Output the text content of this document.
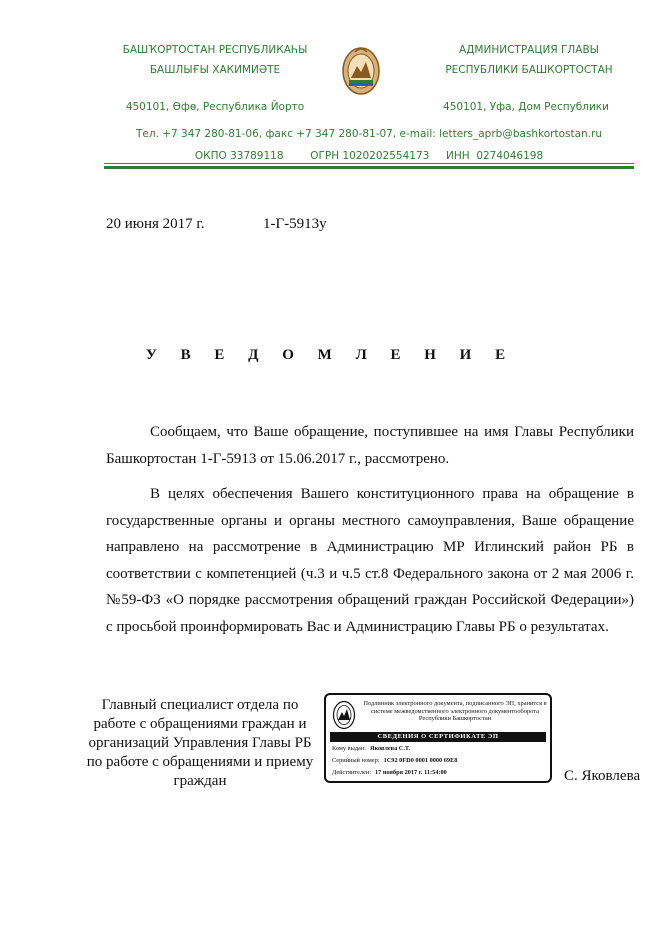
БАШҠОРТОСТАН РЕСПУБЛИКАҺЫ
БАШЛЫҒЫ ХАКИМИӘТЕ
450101, Өфө, Республика Йорто
АДМИНИСТРАЦИЯ ГЛАВЫ
РЕСПУБЛИКИ БАШКОРТОСТАН
450101, Уфа, Дом Республики
Тел. +7 347 280-81-06, факс +7 347 280-81-07, e-mail: letters_aprb@bashkortostan.ru
ОКПО 33789118        ОГРН 1020202554173     ИНН  0274046198
20 июня 2017 г.	1-Г-5913у
У В Е Д О М Л Е Н И Е

Сообщаем, что Ваше обращение, поступившее на имя Главы Республики Башкортостан 1-Г-5913 от 15.06.2017 г., рассмотрено.

В целях обеспечения Вашего конституционного права на обращение в государственные органы и органы местного самоуправления, Ваше обращение направлено на рассмотрение в Администрацию МР Иглинский район РБ в соответствии с компетенцией (ч.3 и ч.5 ст.8 Федерального закона от 2 мая 2006 г. №59-ФЗ «О порядке рассмотрения обращений граждан Российской Федерации») с просьбой проинформировать Вас и Администрацию Главы РБ о результатах.

Главный специалист отдела по работе с обращениями граждан и организаций Управления Главы РБ по работе с обращениями и приему граждан
Подлинник электронного документа, подписанного ЭП, хранится в системе межведомственного электронного документооборота Республики Башкортостан
СВЕДЕНИЯ О СЕРТИФИКАТЕ ЭП
Кому выдан: Яковлева С.Т.
Серийный номер: 1С92 0FD0 0001 0000 69E8
Действителен: 17 ноября 2017 г. 11:54:00	С. Яковлева
